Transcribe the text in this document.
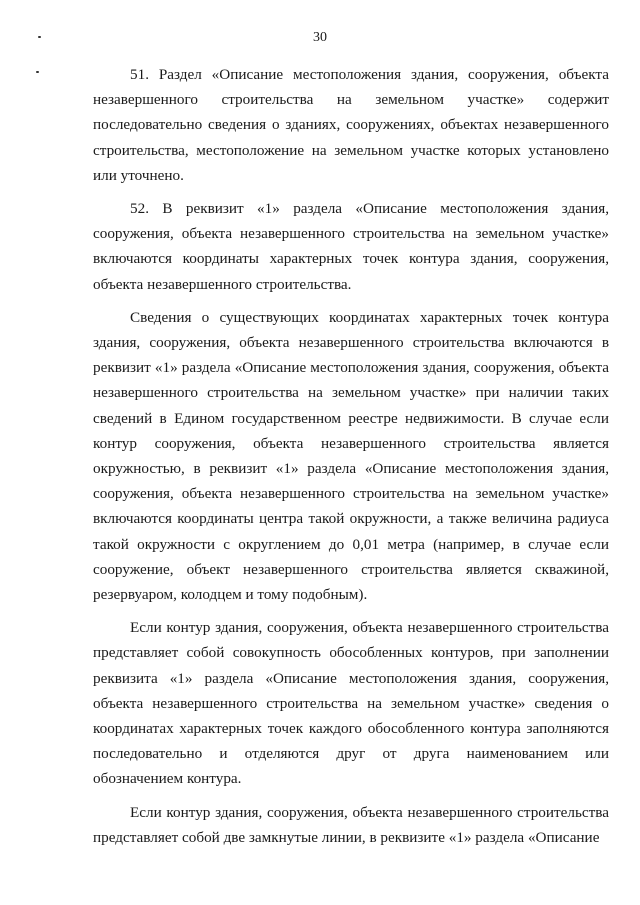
30

51. Раздел «Описание местоположения здания, сооружения, объекта незавершенного строительства на земельном участке» содержит последовательно сведения о зданиях, сооружениях, объектах незавершенного строительства, местоположение на земельном участке которых установлено или уточнено.

52. В реквизит «1» раздела «Описание местоположения здания, сооружения, объекта незавершенного строительства на земельном участке» включаются координаты характерных точек контура здания, сооружения, объекта незавершенного строительства.

Сведения о существующих координатах характерных точек контура здания, сооружения, объекта незавершенного строительства включаются в реквизит «1» раздела «Описание местоположения здания, сооружения, объекта незавершенного строительства на земельном участке» при наличии таких сведений в Едином государственном реестре недвижимости. В случае если контур сооружения, объекта незавершенного строительства является окружностью, в реквизит «1» раздела «Описание местоположения здания, сооружения, объекта незавершенного строительства на земельном участке» включаются координаты центра такой окружности, а также величина радиуса такой окружности с округлением до 0,01 метра (например, в случае если сооружение, объект незавершенного строительства является скважиной, резервуаром, колодцем и тому подобным).

Если контур здания, сооружения, объекта незавершенного строительства представляет собой совокупность обособленных контуров, при заполнении реквизита «1» раздела «Описание местоположения здания, сооружения, объекта незавершенного строительства на земельном участке» сведения о координатах характерных точек каждого обособленного контура заполняются последовательно и отделяются друг от друга наименованием или обозначением контура.

Если контур здания, сооружения, объекта незавершенного строительства представляет собой две замкнутые линии, в реквизите «1» раздела «Описание
